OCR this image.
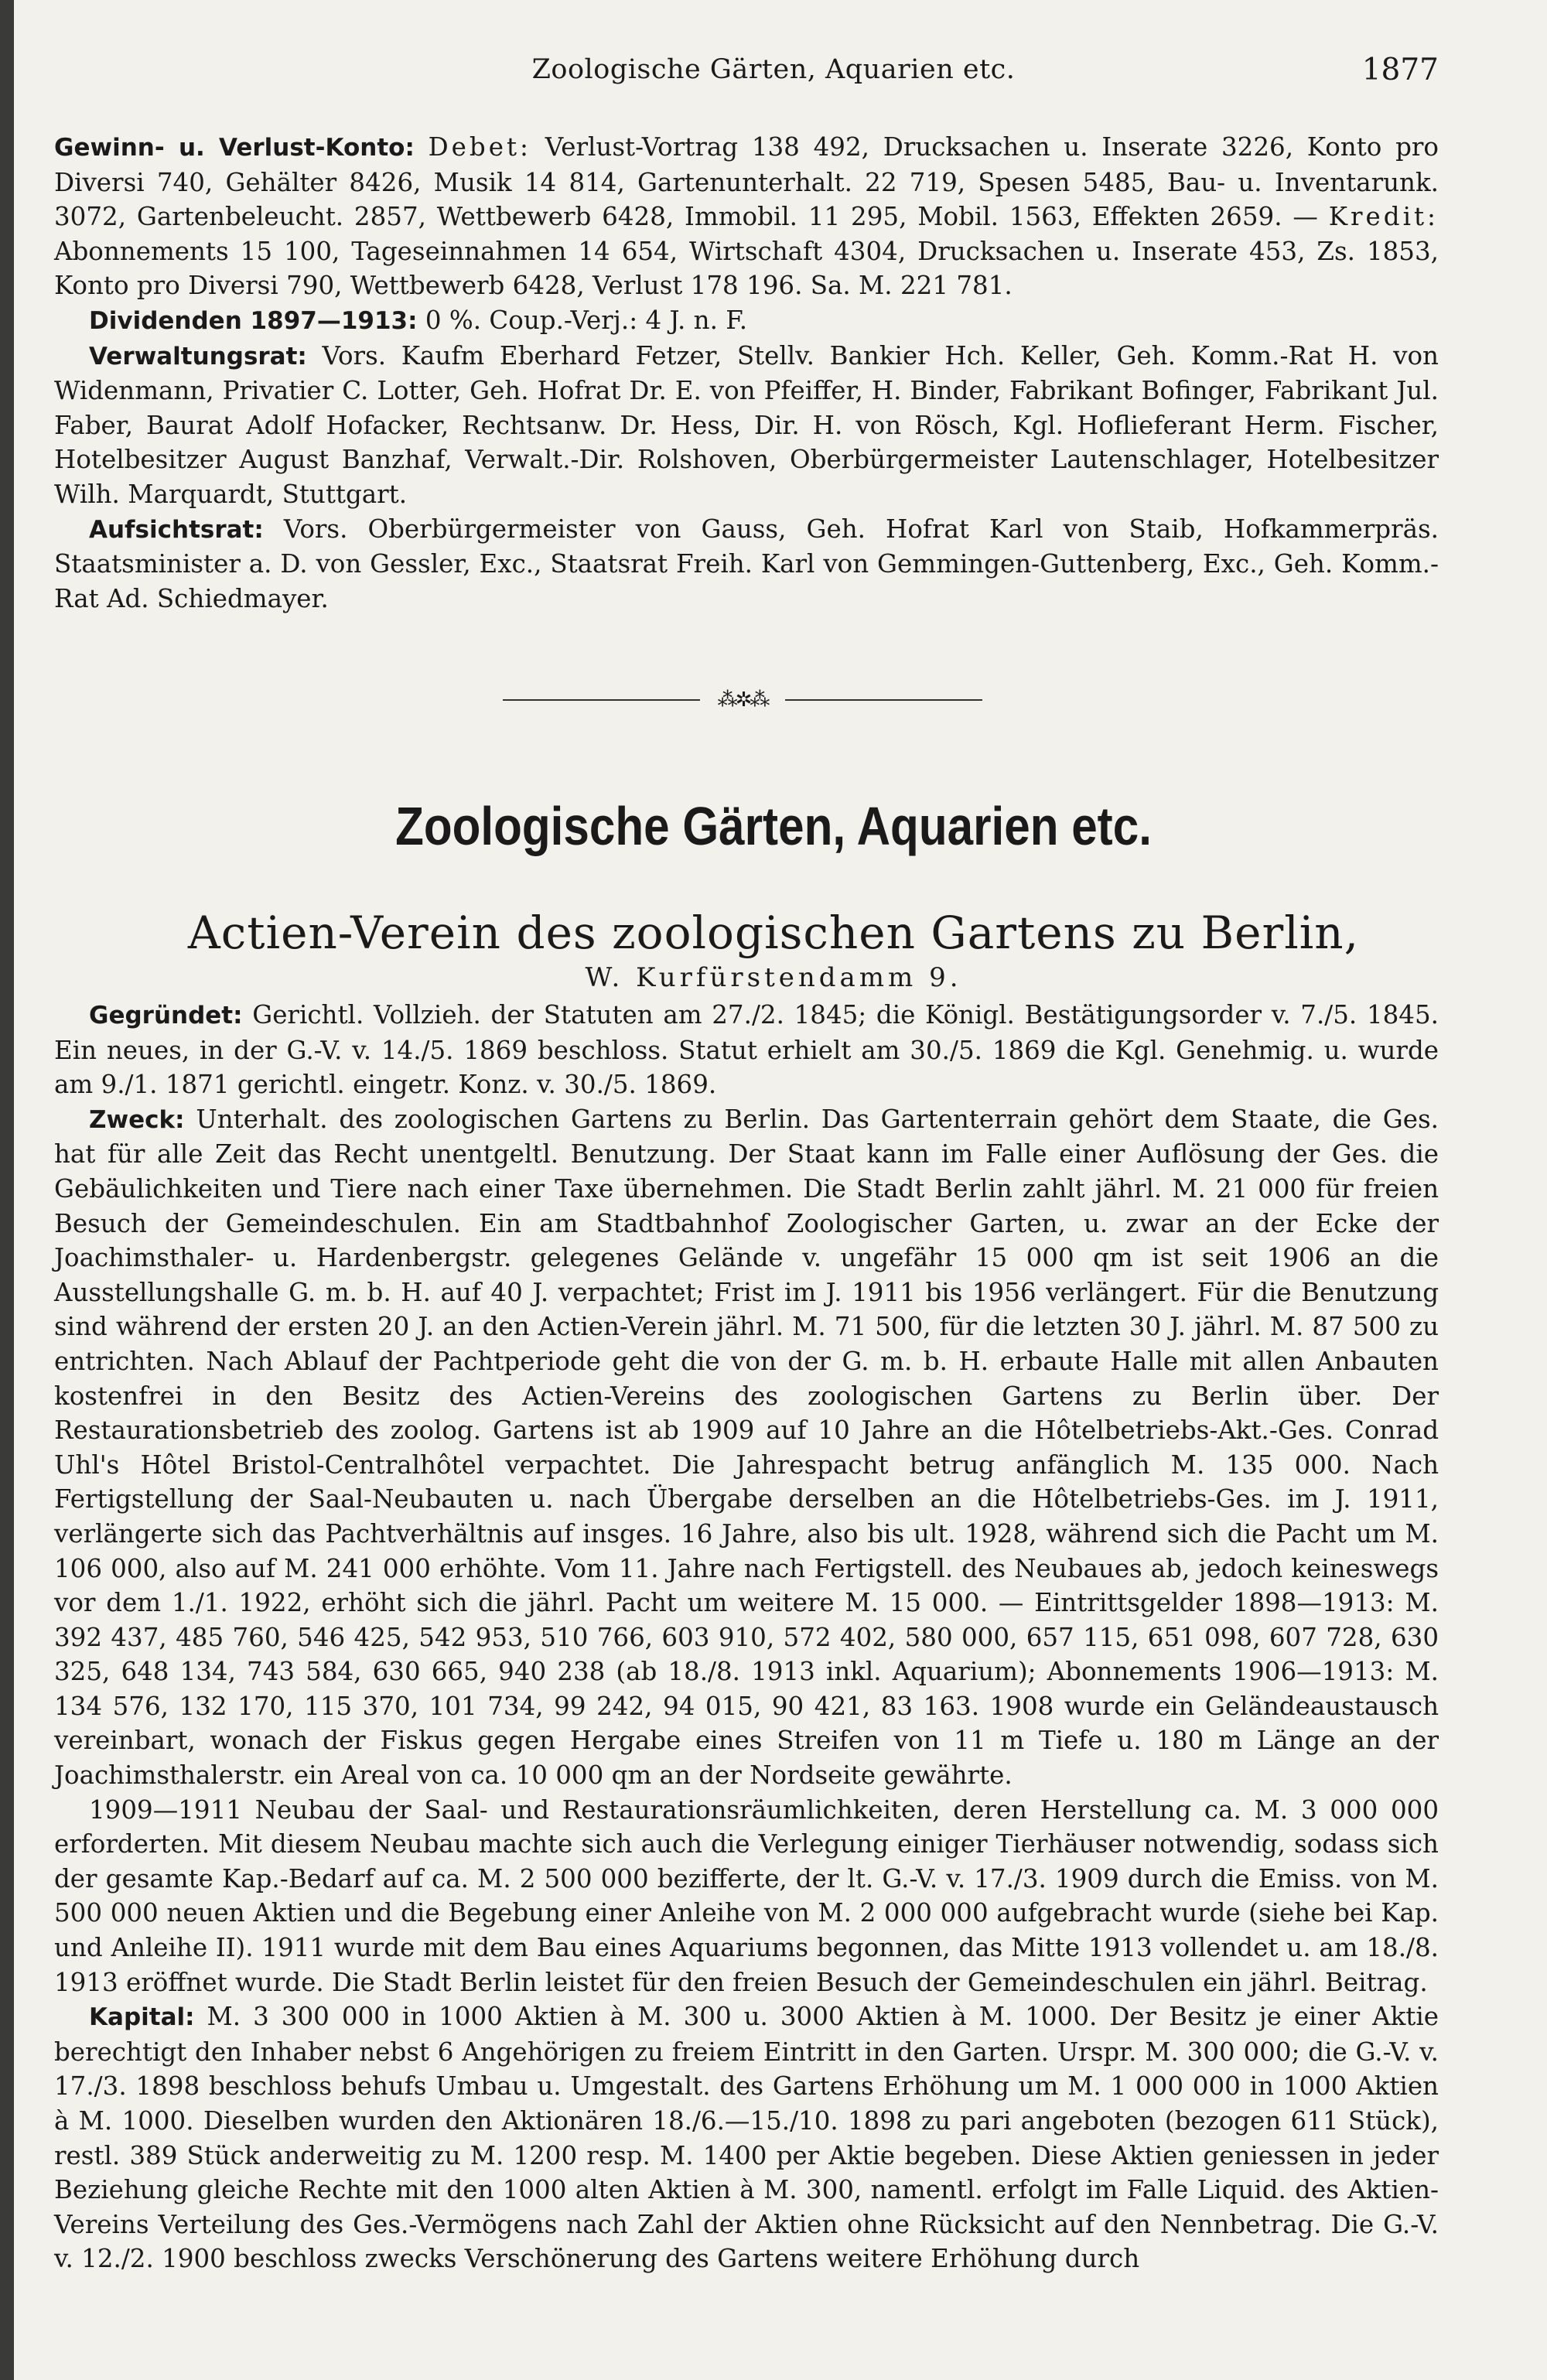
Zoologische Gärten, Aquarien etc.	1877

Gewinn- u. Verlust-Konto: Debet: Verlust-Vortrag 138 492, Drucksachen u. Inserate 3226, Konto pro Diversi 740, Gehälter 8426, Musik 14 814, Gartenunterhalt. 22 719, Spesen 5485, Bau- u. Inventarunk. 3072, Gartenbeleucht. 2857, Wettbewerb 6428, Immobil. 11 295, Mobil. 1563, Effekten 2659. — Kredit: Abonnements 15 100, Tageseinnahmen 14 654, Wirtschaft 4304, Drucksachen u. Inserate 453, Zs. 1853, Konto pro Diversi 790, Wettbewerb 6428, Verlust 178 196. Sa. M. 221 781.

Dividenden 1897—1913: 0 %. Coup.-Verj.: 4 J. n. F.

Verwaltungsrat: Vors. Kaufm Eberhard Fetzer, Stellv. Bankier Hch. Keller, Geh. Komm.-Rat H. von Widenmann, Privatier C. Lotter, Geh. Hofrat Dr. E. von Pfeiffer, H. Binder, Fabrikant Bofinger, Fabrikant Jul. Faber, Baurat Adolf Hofacker, Rechtsanw. Dr. Hess, Dir. H. von Rösch, Kgl. Hoflieferant Herm. Fischer, Hotelbesitzer August Banzhaf, Verwalt.-Dir. Rolshoven, Oberbürgermeister Lautenschlager, Hotelbesitzer Wilh. Marquardt, Stuttgart.

Aufsichtsrat: Vors. Oberbürgermeister von Gauss, Geh. Hofrat Karl von Staib, Hofkammerpräs. Staatsminister a. D. von Gessler, Exc., Staatsrat Freih. Karl von Gemmingen-Guttenberg, Exc., Geh. Komm.-Rat Ad. Schiedmayer.

⁂✲⁂
Zoologische Gärten, Aquarien etc.
Actien-Verein des zoologischen Gartens zu Berlin,
W. Kurfürstendamm 9.

Gegründet: Gerichtl. Vollzieh. der Statuten am 27./2. 1845; die Königl. Bestätigungsorder v. 7./5. 1845. Ein neues, in der G.-V. v. 14./5. 1869 beschloss. Statut erhielt am 30./5. 1869 die Kgl. Genehmig. u. wurde am 9./1. 1871 gerichtl. eingetr. Konz. v. 30./5. 1869.

Zweck: Unterhalt. des zoologischen Gartens zu Berlin. Das Gartenterrain gehört dem Staate, die Ges. hat für alle Zeit das Recht unentgeltl. Benutzung. Der Staat kann im Falle einer Auflösung der Ges. die Gebäulichkeiten und Tiere nach einer Taxe übernehmen. Die Stadt Berlin zahlt jährl. M. 21 000 für freien Besuch der Gemeindeschulen. Ein am Stadtbahnhof Zoologischer Garten, u. zwar an der Ecke der Joachimsthaler- u. Hardenbergstr. gelegenes Gelände v. ungefähr 15 000 qm ist seit 1906 an die Ausstellungshalle G. m. b. H. auf 40 J. verpachtet; Frist im J. 1911 bis 1956 verlängert. Für die Benutzung sind während der ersten 20 J. an den Actien-Verein jährl. M. 71 500, für die letzten 30 J. jährl. M. 87 500 zu entrichten. Nach Ablauf der Pachtperiode geht die von der G. m. b. H. erbaute Halle mit allen Anbauten kostenfrei in den Besitz des Actien-Vereins des zoologischen Gartens zu Berlin über. Der Restaurationsbetrieb des zoolog. Gartens ist ab 1909 auf 10 Jahre an die Hôtelbetriebs-Akt.-Ges. Conrad Uhl's Hôtel Bristol-Centralhôtel verpachtet. Die Jahrespacht betrug anfänglich M. 135 000. Nach Fertigstellung der Saal-Neubauten u. nach Übergabe derselben an die Hôtelbetriebs-Ges. im J. 1911, verlängerte sich das Pachtverhältnis auf insges. 16 Jahre, also bis ult. 1928, während sich die Pacht um M. 106 000, also auf M. 241 000 erhöhte. Vom 11. Jahre nach Fertigstell. des Neubaues ab, jedoch keineswegs vor dem 1./1. 1922, erhöht sich die jährl. Pacht um weitere M. 15 000. — Eintrittsgelder 1898—1913: M. 392 437, 485 760, 546 425, 542 953, 510 766, 603 910, 572 402, 580 000, 657 115, 651 098, 607 728, 630 325, 648 134, 743 584, 630 665, 940 238 (ab 18./8. 1913 inkl. Aquarium); Abonnements 1906—1913: M. 134 576, 132 170, 115 370, 101 734, 99 242, 94 015, 90 421, 83 163. 1908 wurde ein Geländeaustausch vereinbart, wonach der Fiskus gegen Hergabe eines Streifen von 11 m Tiefe u. 180 m Länge an der Joachimsthalerstr. ein Areal von ca. 10 000 qm an der Nordseite gewährte.

1909—1911 Neubau der Saal- und Restaurationsräumlichkeiten, deren Herstellung ca. M. 3 000 000 erforderten. Mit diesem Neubau machte sich auch die Verlegung einiger Tierhäuser notwendig, sodass sich der gesamte Kap.-Bedarf auf ca. M. 2 500 000 bezifferte, der lt. G.-V. v. 17./3. 1909 durch die Emiss. von M. 500 000 neuen Aktien und die Begebung einer Anleihe von M. 2 000 000 aufgebracht wurde (siehe bei Kap. und Anleihe II). 1911 wurde mit dem Bau eines Aquariums begonnen, das Mitte 1913 vollendet u. am 18./8. 1913 eröffnet wurde. Die Stadt Berlin leistet für den freien Besuch der Gemeindeschulen ein jährl. Beitrag.

Kapital: M. 3 300 000 in 1000 Aktien à M. 300 u. 3000 Aktien à M. 1000. Der Besitz je einer Aktie berechtigt den Inhaber nebst 6 Angehörigen zu freiem Eintritt in den Garten. Urspr. M. 300 000; die G.-V. v. 17./3. 1898 beschloss behufs Umbau u. Umgestalt. des Gartens Erhöhung um M. 1 000 000 in 1000 Aktien à M. 1000. Dieselben wurden den Aktionären 18./6.—15./10. 1898 zu pari angeboten (bezogen 611 Stück), restl. 389 Stück anderweitig zu M. 1200 resp. M. 1400 per Aktie begeben. Diese Aktien geniessen in jeder Beziehung gleiche Rechte mit den 1000 alten Aktien à M. 300, namentl. erfolgt im Falle Liquid. des Aktien-Vereins Verteilung des Ges.-Vermögens nach Zahl der Aktien ohne Rücksicht auf den Nennbetrag. Die G.-V. v. 12./2. 1900 beschloss zwecks Verschönerung des Gartens weitere Erhöhung durch
